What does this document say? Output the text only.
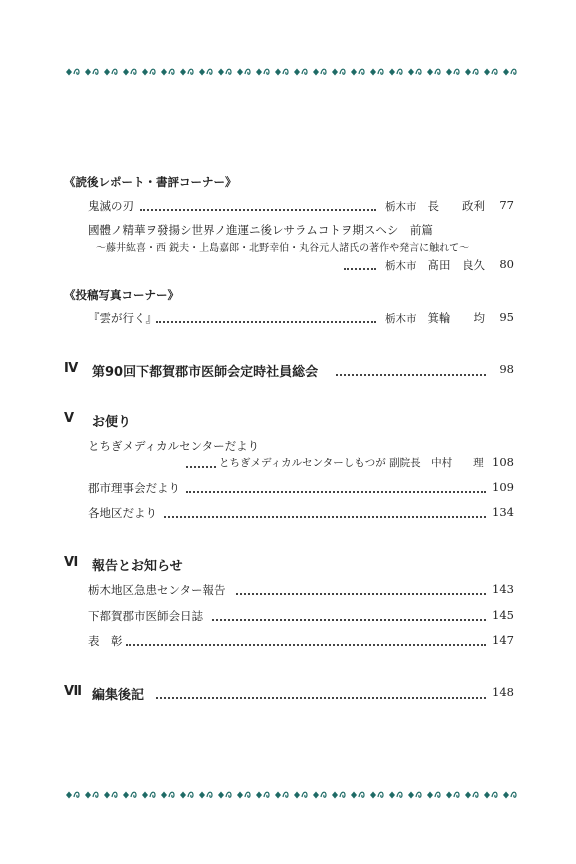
《読後レポート・書評コーナー》
鬼滅の刃	栃木市 長　　政利	77
國體ノ精華ヲ發揚シ世界ノ進運ニ後レサラムコトヲ期スヘシ　前篇
～藤井紘喜・西 鋭夫・上島嘉郎・北野幸伯・丸谷元人諸氏の著作や発言に触れて～
栃木市 髙田　良久	80
《投稿写真コーナー》
『雲が行く』	栃木市 箕輪　　均	95
Ⅳ 第90回下都賀郡市医師会定時社員総会	98
Ⅴ お便り
とちぎメディカルセンターだより
とちぎメディカルセンターしもつが 副院長　中村　　理 108
郡市理事会だより	109
各地区だより	134
Ⅵ 報告とお知らせ
栃木地区急患センター報告	143
下都賀郡市医師会日誌	145
表　彰	147
Ⅶ 編集後記	148
